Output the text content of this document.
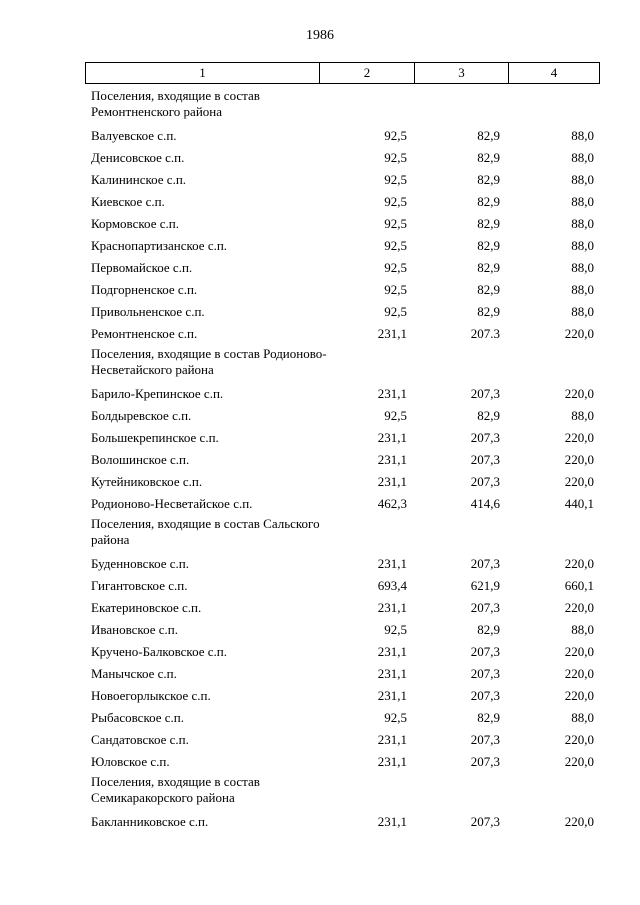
1986
1	2	3	4
Поселения, входящие в состав Ремонтненского района
Валуевское с.п.	92,5	82,9	88,0
Денисовское с.п.	92,5	82,9	88,0
Калининское с.п.	92,5	82,9	88,0
Киевское с.п.	92,5	82,9	88,0
Кормовское с.п.	92,5	82,9	88,0
Краснопартизанское с.п.	92,5	82,9	88,0
Первомайское с.п.	92,5	82,9	88,0
Подгорненское с.п.	92,5	82,9	88,0
Привольненское с.п.	92,5	82,9	88,0
Ремонтненское с.п.	231,1	207.3	220,0
Поселения, входящие в состав Родионово-Несветайского района
Барило-Крепинское с.п.	231,1	207,3	220,0
Болдыревское с.п.	92,5	82,9	88,0
Большекрепинское с.п.	231,1	207,3	220,0
Волошинское с.п.	231,1	207,3	220,0
Кутейниковское с.п.	231,1	207,3	220,0
Родионово-Несветайское с.п.	462,3	414,6	440,1
Поселения, входящие в состав Сальского района
Буденновское с.п.	231,1	207,3	220,0
Гигантовское с.п.	693,4	621,9	660,1
Екатериновское с.п.	231,1	207,3	220,0
Ивановское с.п.	92,5	82,9	88,0
Кручено-Балковское с.п.	231,1	207,3	220,0
Манычское с.п.	231,1	207,3	220,0
Новоегорлыкское с.п.	231,1	207,3	220,0
Рыбасовское с.п.	92,5	82,9	88,0
Сандатовское с.п.	231,1	207,3	220,0
Юловское с.п.	231,1	207,3	220,0
Поселения, входящие в состав Семикаракорского района
Бакланниковское с.п.	231,1	207,3	220,0
